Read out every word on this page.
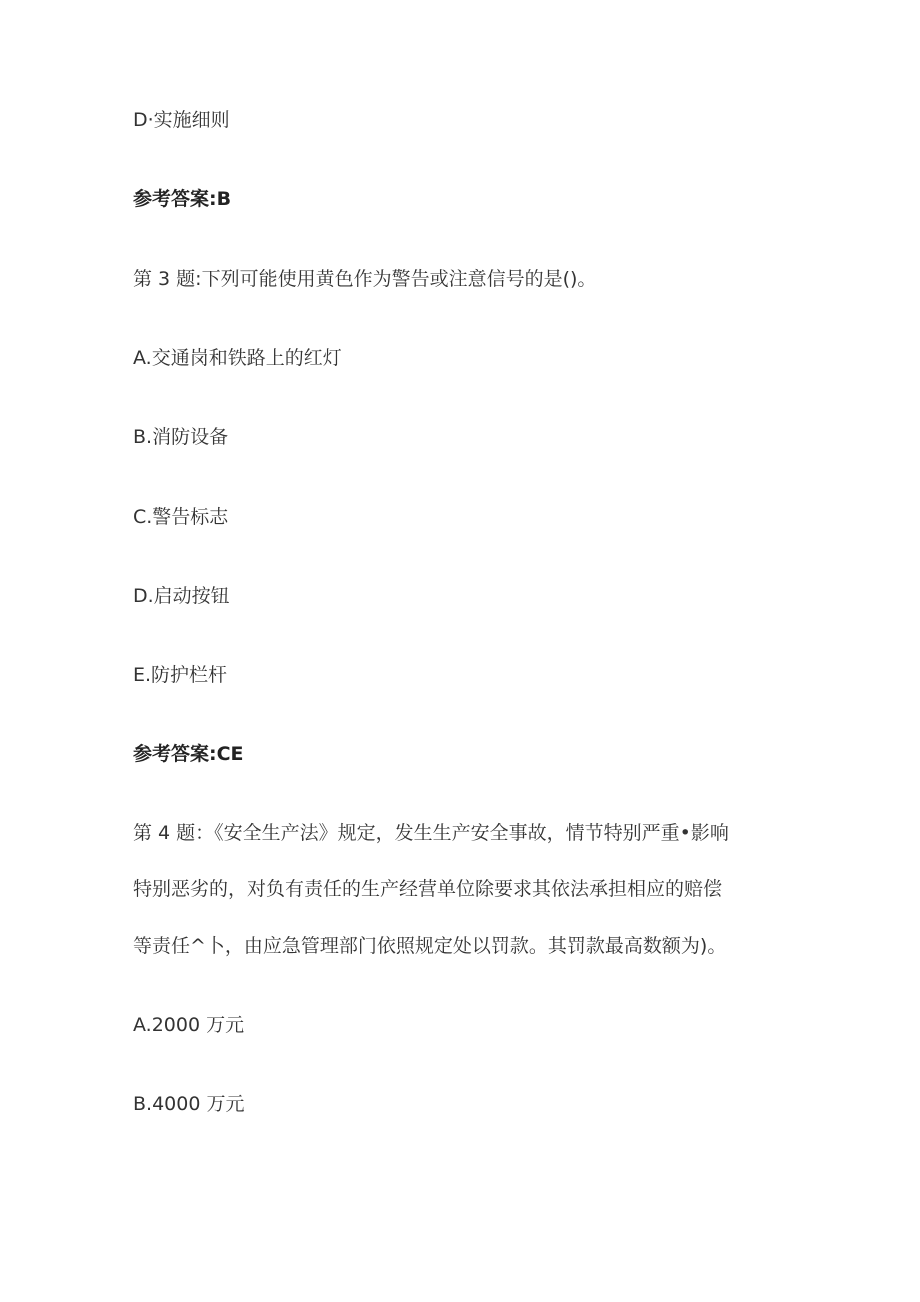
D·实施细则
参考答案:B
第 3 题:下列可能使用黄色作为警告或注意信号的是()。
A.交通岗和铁路上的红灯
B.消防设备
C.警告标志
D.启动按钮
E.防护栏杆
参考答案:CE
第 4 题：《安全生产法》规定，发生生产安全事故，情节特别严重•影响
特别恶劣的，对负有责任的生产经营单位除要求其依法承担相应的赔偿
等责任^卜，由应急管理部门依照规定处以罚款。其罚款最高数额为)。
A.2000 万元
B.4000 万元
